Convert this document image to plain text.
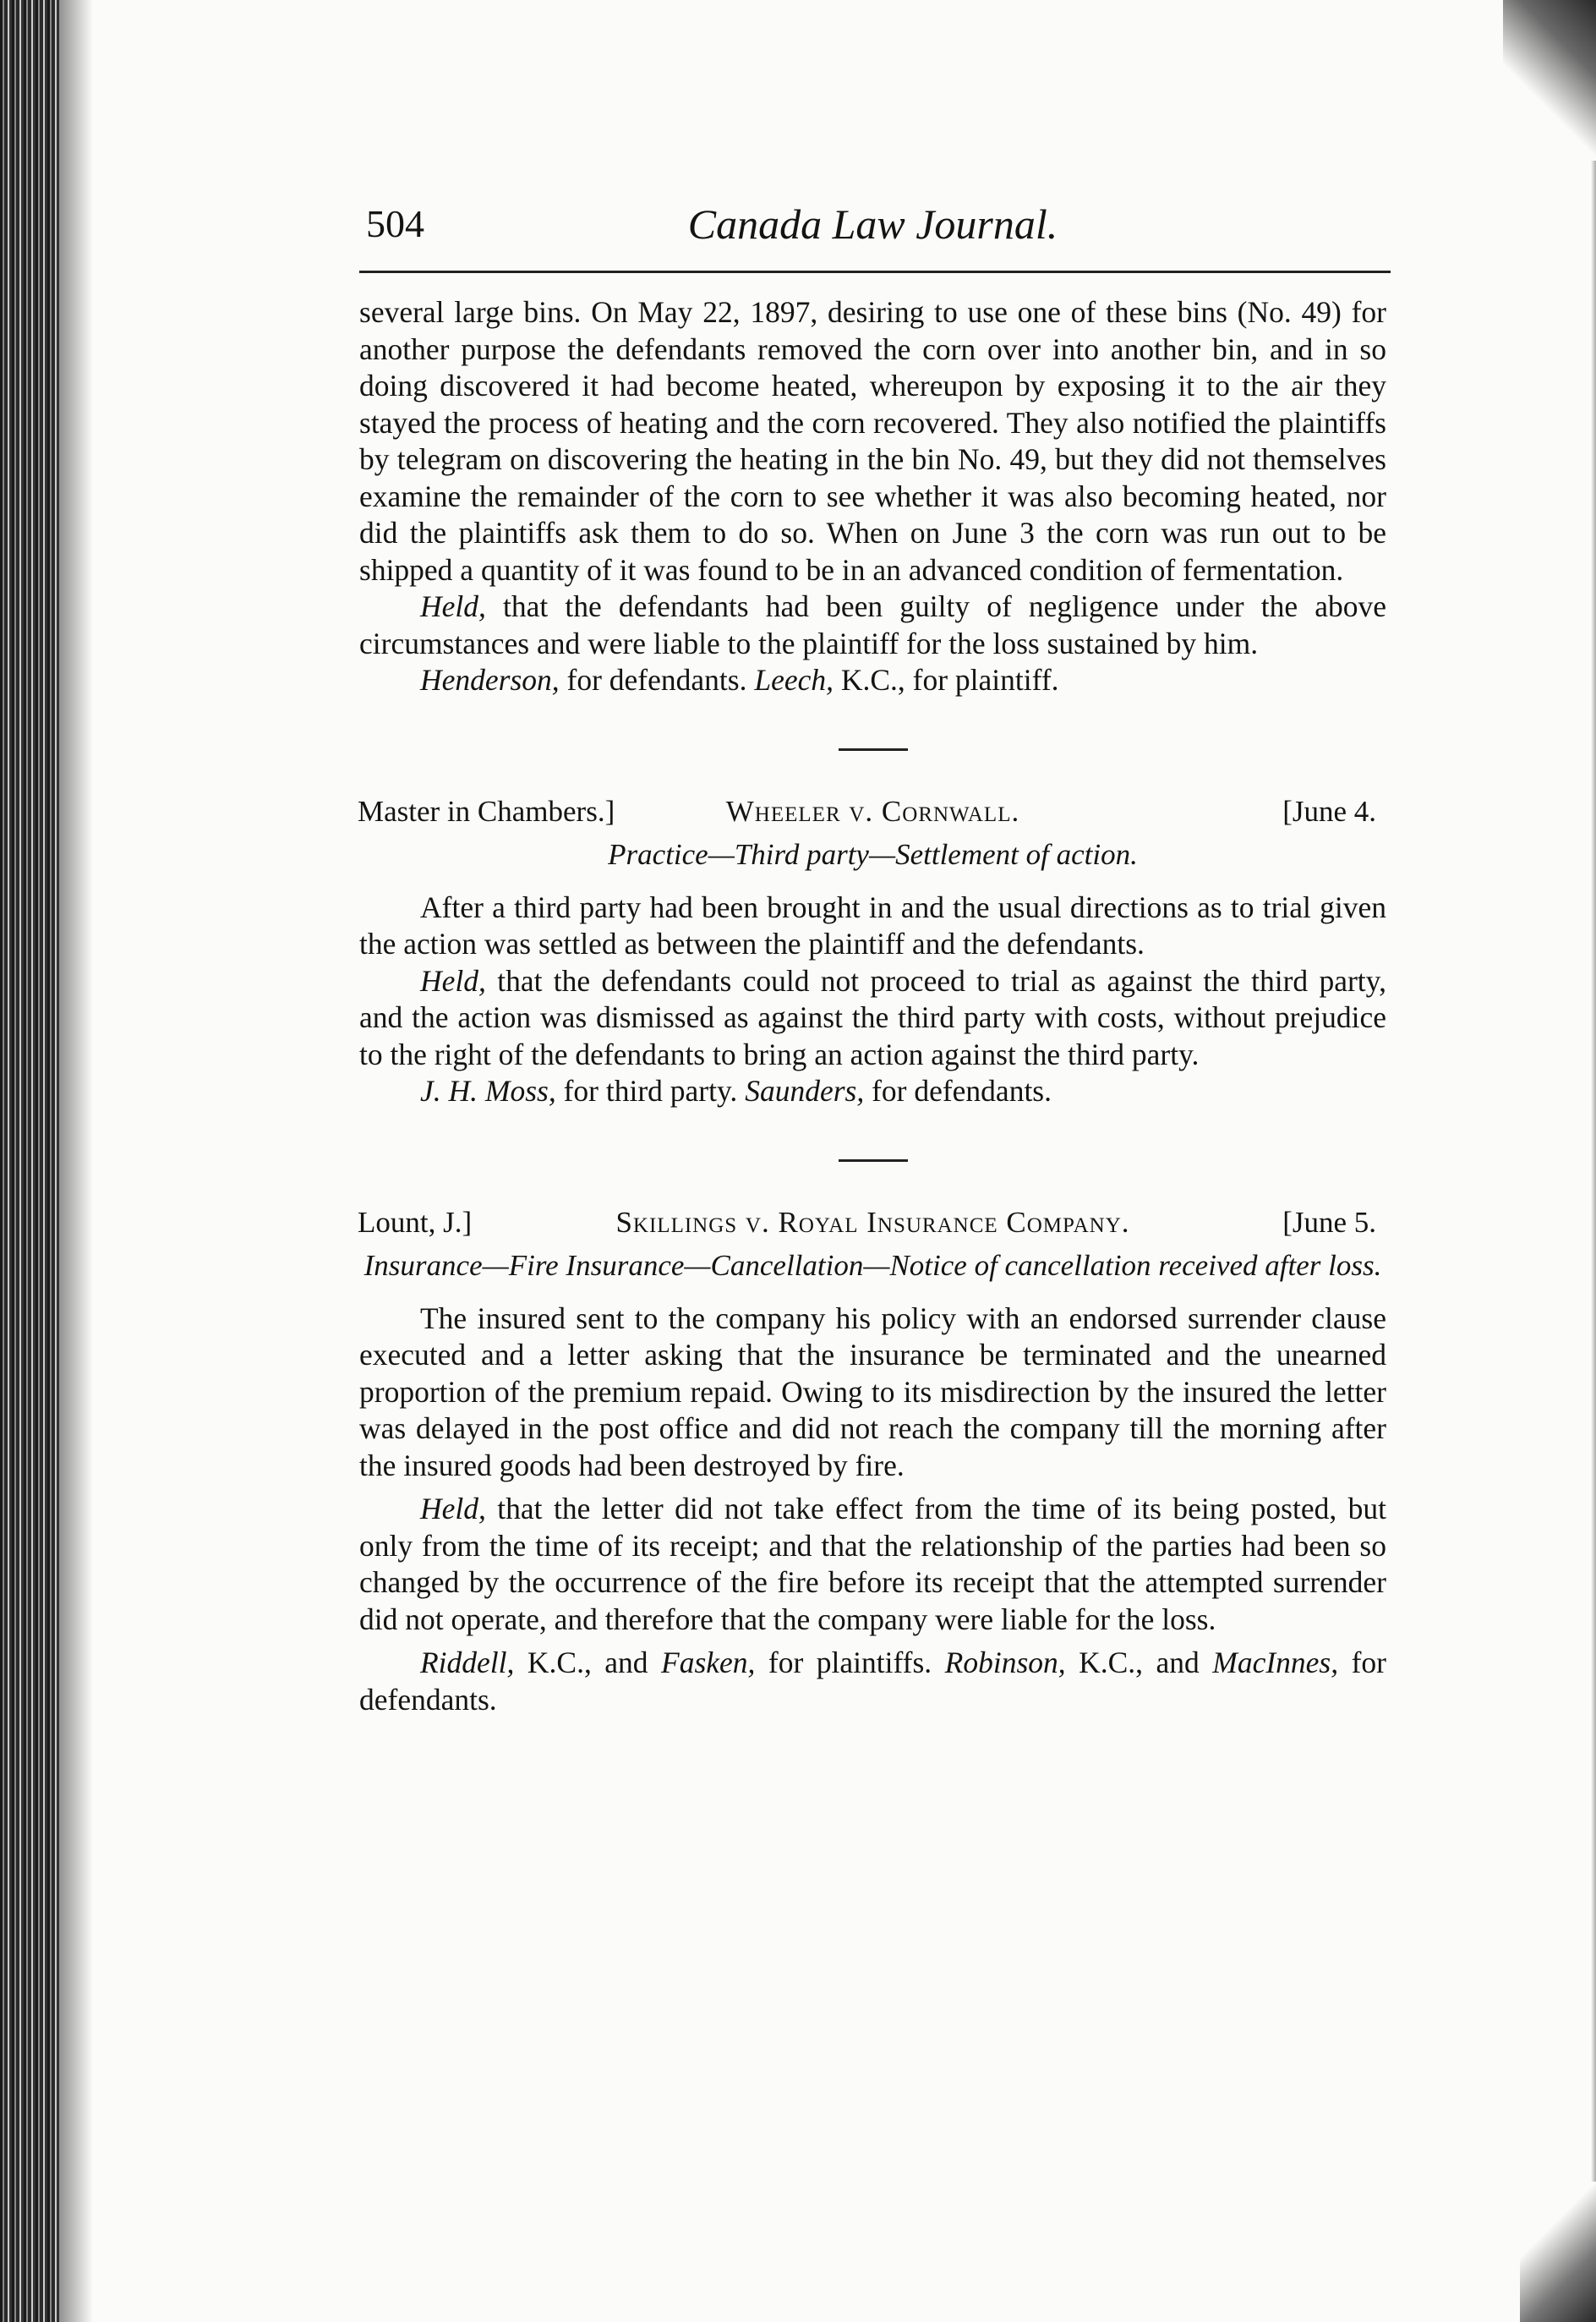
504	Canada Law Journal.

several large bins. On May 22, 1897, desiring to use one of these bins (No. 49) for another purpose the defendants removed the corn over into another bin, and in so doing discovered it had become heated, whereupon by exposing it to the air they stayed the process of heating and the corn recovered. They also notified the plaintiffs by telegram on discovering the heating in the bin No. 49, but they did not themselves examine the remainder of the corn to see whether it was also becoming heated, nor did the plaintiffs ask them to do so. When on June 3 the corn was run out to be shipped a quantity of it was found to be in an advanced condition of fermentation.

Held, that the defendants had been guilty of negligence under the above circumstances and were liable to the plaintiff for the loss sustained by him.

Henderson, for defendants. Leech, K.C., for plaintiff.

Master in Chambers.]	Wheeler v. Cornwall.	[June 4.
Practice—Third party—Settlement of action.

After a third party had been brought in and the usual directions as to trial given the action was settled as between the plaintiff and the defendants.

Held, that the defendants could not proceed to trial as against the third party, and the action was dismissed as against the third party with costs, without prejudice to the right of the defendants to bring an action against the third party.

J. H. Moss, for third party. Saunders, for defendants.

Lount, J.]	Skillings v. Royal Insurance Company.	[June 5.
Insurance—Fire Insurance—Cancellation—Notice of cancellation received after loss.

The insured sent to the company his policy with an endorsed surrender clause executed and a letter asking that the insurance be terminated and the unearned proportion of the premium repaid. Owing to its misdirection by the insured the letter was delayed in the post office and did not reach the company till the morning after the insured goods had been destroyed by fire.

Held, that the letter did not take effect from the time of its being posted, but only from the time of its receipt; and that the relationship of the parties had been so changed by the occurrence of the fire before its receipt that the attempted surrender did not operate, and therefore that the company were liable for the loss.

Riddell, K.C., and Fasken, for plaintiffs. Robinson, K.C., and MacInnes, for defendants.
